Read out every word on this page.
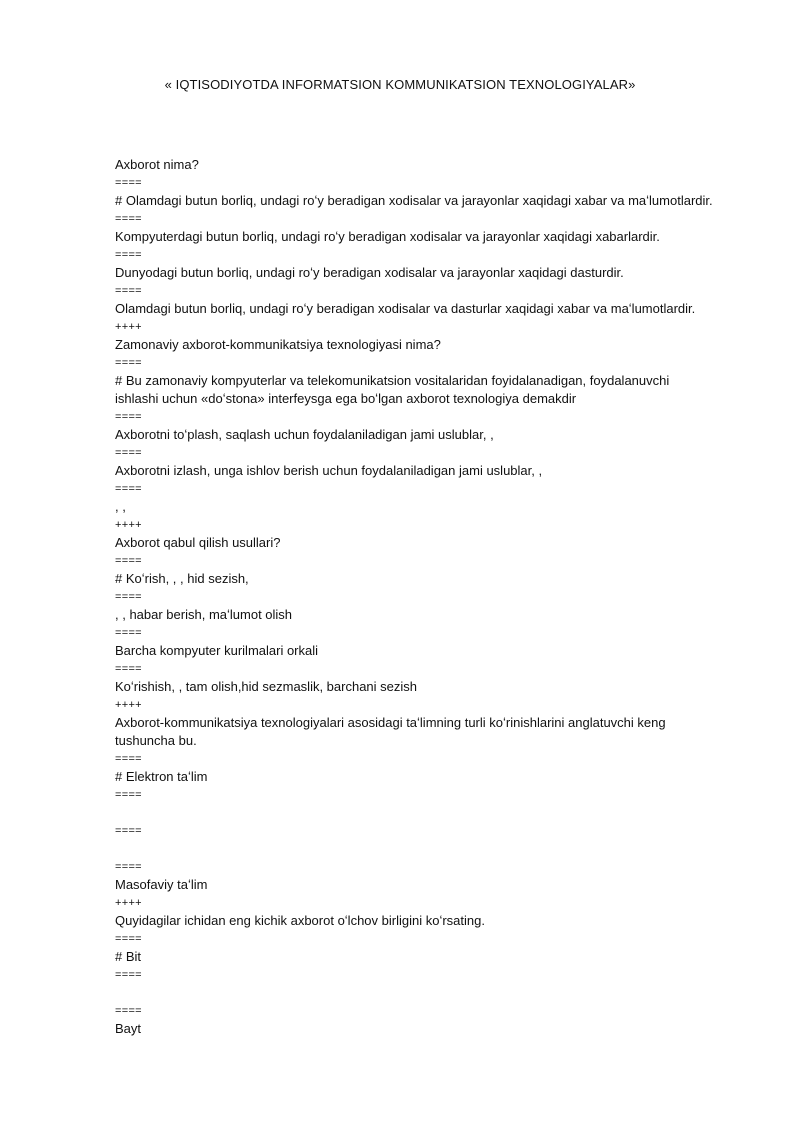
« IQTISODIYOTDA INFORMATSION KOMMUNIKATSION TEXNOLOGIYALAR»
Axborot nima?
====
# Olamdagi butun borliq, undagi roʻy beradigan xodisalar va jarayonlar xaqidagi xabar va maʻlumotlardir.
====
Kompyuterdagi butun borliq, undagi roʻy beradigan xodisalar va jarayonlar xaqidagi xabarlardir.
====
Dunyodagi butun borliq, undagi roʻy beradigan xodisalar va jarayonlar xaqidagi dasturdir.
====
Olamdagi butun borliq, undagi roʻy beradigan xodisalar va dasturlar xaqidagi xabar va maʻlumotlardir.
++++
Zamonaviy axborot-kommunikatsiya texnologiyasi nima?
====
# Bu zamonaviy kompyuterlar va telekomunikatsion vositalaridan foyidalanadigan, foydalanuvchi
ishlashi uchun «doʻstona» interfeysga ega boʻlgan axborot texnologiya demakdir
====
Axborotni toʻplash, saqlash uchun foydalaniladigan jami uslublar, ,
====
Axborotni izlash, unga ishlov berish uchun foydalaniladigan jami uslublar, ,
====
, ,
++++
Axborot qabul qilish usullari?
====
# Koʻrish, , , hid sezish,
====
, , habar berish, maʻlumot olish
====
Barcha kompyuter kurilmalari orkali
====
Koʻrishish, , tam olish,hid sezmaslik, barchani sezish
++++
Axborot-kommunikatsiya texnologiyalari asosidagi taʻlimning turli koʻrinishlarini anglatuvchi keng
tushuncha bu.
====
# Elektron taʻlim
====
====
====
Masofaviy taʻlim
++++
Quyidagilar ichidan eng kichik axborot oʻlchov birligini koʻrsating.
====
# Bit
====
====
Bayt
